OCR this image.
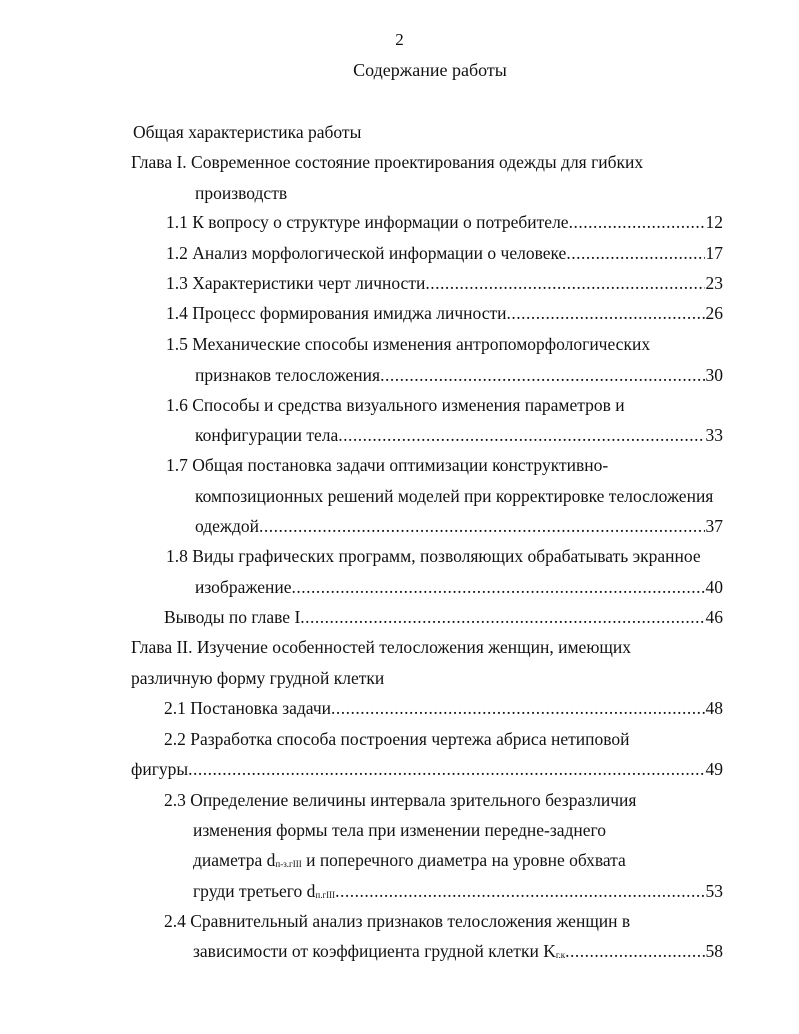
2
Содержание работы
Общая характеристика работы
Глава I. Современное состояние проектирования одежды для гибких
производств
1.1 К вопросу о структуре информации о потребителе .....	12
1.2 Анализ морфологической информации о человеке .....	17
1.3 Характеристики черт личности .....	23
1.4 Процесс формирования имиджа личности .....	26
1.5 Механические способы изменения антропоморфологических
признаков телосложения .....	30
1.6 Способы и средства визуального изменения параметров и
конфигурации тела .....	33
1.7 Общая постановка задачи оптимизации конструктивно-
композиционных решений моделей при корректировке телосложения
одеждой .....	37
1.8 Виды графических программ, позволяющих обрабатывать экранное
изображение .....	40
Выводы по главе I .....	46
Глава II. Изучение особенностей телосложения женщин, имеющих
различную форму грудной клетки
2.1 Постановка задачи .....	48
2.2 Разработка способа построения чертежа абриса нетиповой
фигуры .....	49
2.3 Определение величины интервала зрительного безразличия
изменения формы тела при изменении передне-заднего
диаметра $d_{п-з.гIII}$ и поперечного диаметра на уровне обхвата
груди третьего $d_{п.гIII}$ .....	53
2.4 Сравнительный анализ признаков телосложения женщин в
зависимости от коэффициента грудной клетки $K_{г.к}$ .....	58
